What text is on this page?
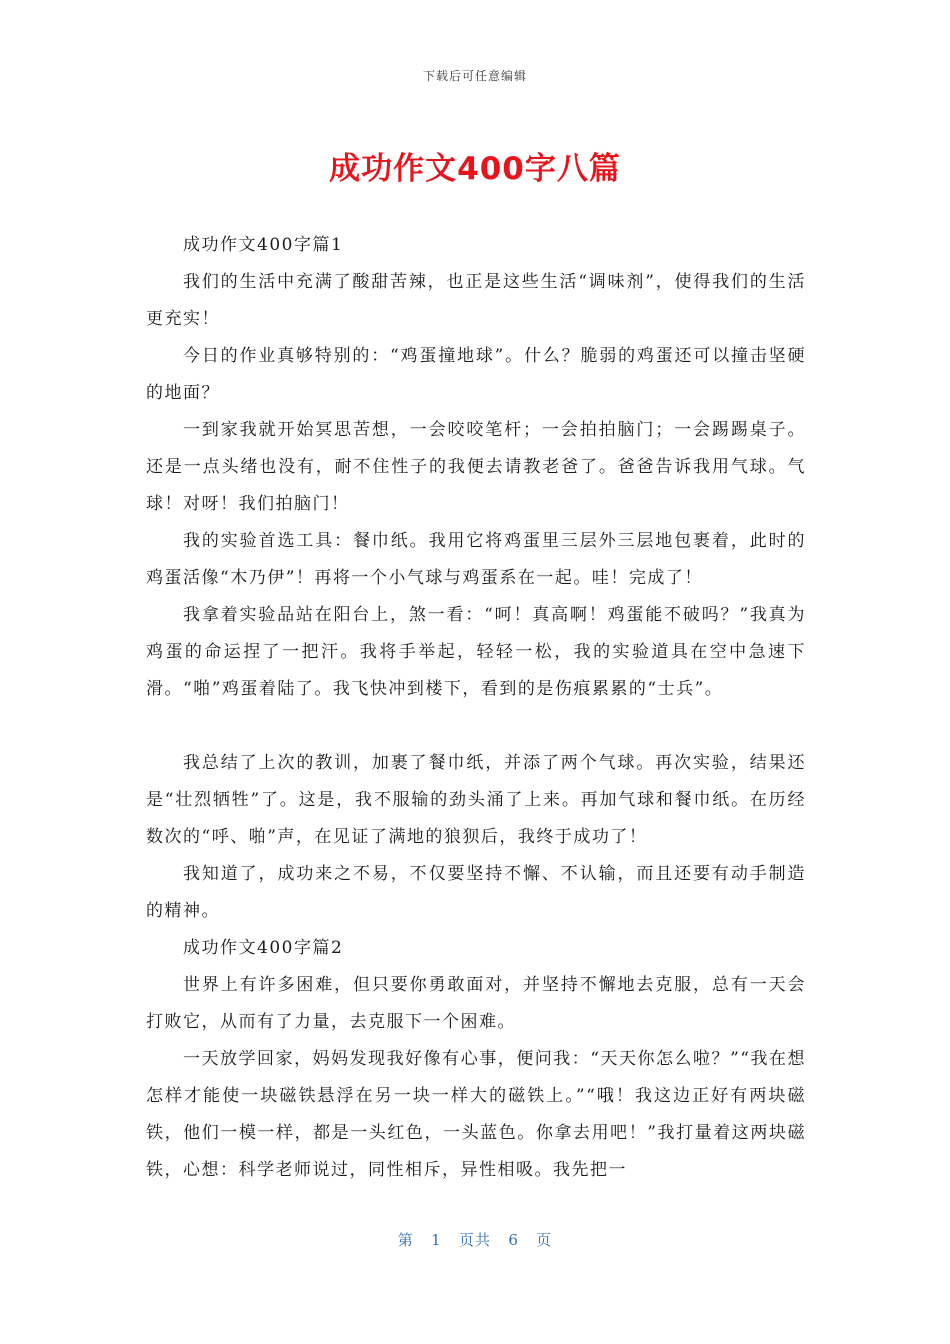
下载后可任意编辑
成功作文400字八篇

成功作文400字篇1

我们的生活中充满了酸甜苦辣，也正是这些生活“调味剂”，使得我们的生活更充实！

今日的作业真够特别的：“鸡蛋撞地球”。什么？脆弱的鸡蛋还可以撞击坚硬的地面？

一到家我就开始冥思苦想，一会咬咬笔杆；一会拍拍脑门；一会踢踢桌子。还是一点头绪也没有，耐不住性子的我便去请教老爸了。爸爸告诉我用气球。气球！对呀！我们拍脑门！

我的实验首选工具：餐巾纸。我用它将鸡蛋里三层外三层地包裹着，此时的鸡蛋活像“木乃伊”！再将一个小气球与鸡蛋系在一起。哇！完成了！

我拿着实验品站在阳台上，煞一看：“呵！真高啊！鸡蛋能不破吗？”我真为鸡蛋的命运捏了一把汗。我将手举起，轻轻一松，我的实验道具在空中急速下滑。“啪”鸡蛋着陆了。我飞快冲到楼下，看到的是伤痕累累的“士兵”。

我总结了上次的教训，加裹了餐巾纸，并添了两个气球。再次实验，结果还是“壮烈牺牲”了。这是，我不服输的劲头涌了上来。再加气球和餐巾纸。在历经数次的“呼、啪”声，在见证了满地的狼狈后，我终于成功了！

我知道了，成功来之不易，不仅要坚持不懈、不认输，而且还要有动手制造的精神。

成功作文400字篇2

世界上有许多困难，但只要你勇敢面对，并坚持不懈地去克服，总有一天会打败它，从而有了力量，去克服下一个困难。

一天放学回家，妈妈发现我好像有心事，便问我：“天天你怎么啦？”“我在想怎样才能使一块磁铁悬浮在另一块一样大的磁铁上。”“哦！我这边正好有两块磁铁，他们一模一样，都是一头红色，一头蓝色。你拿去用吧！”我打量着这两块磁铁，心想：科学老师说过，同性相斥，异性相吸。我先把一

第 1 页共 6 页
